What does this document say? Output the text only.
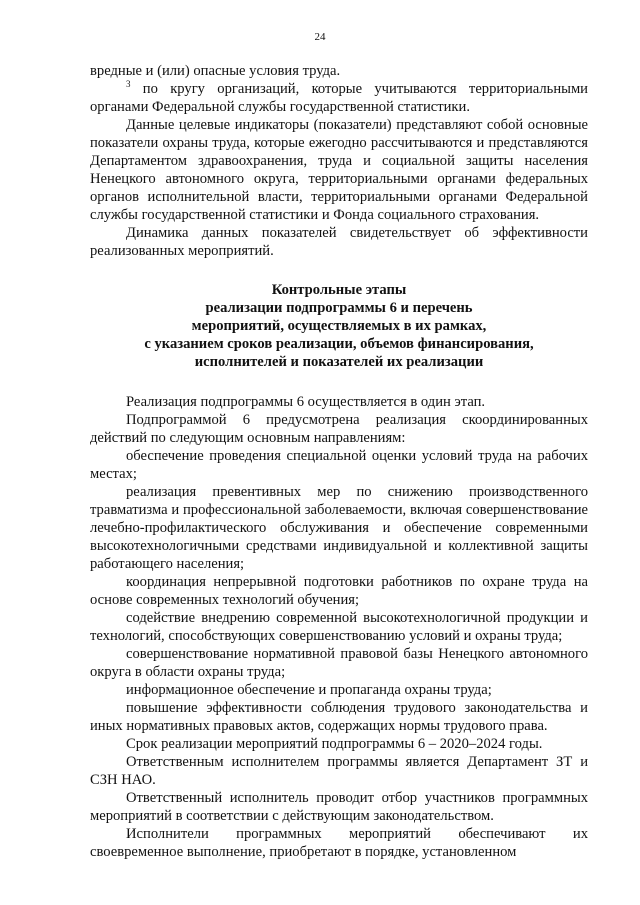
24

вредные и (или) опасные условия труда.

$^3$ по кругу организаций, которые учитываются территориальными органами Федеральной службы государственной статистики.

Данные целевые индикаторы (показатели) представляют собой основные показатели охраны труда, которые ежегодно рассчитываются и представляются Департаментом здравоохранения, труда и социальной защиты населения Ненецкого автономного округа, территориальными органами федеральных органов исполнительной власти, территориальными органами Федеральной службы государственной статистики и Фонда социального страхования.

Динамика данных показателей свидетельствует об эффективности реализованных мероприятий.

Контрольные этапы
реализации подпрограммы 6 и перечень
мероприятий, осуществляемых в их рамках,
с указанием сроков реализации, объемов финансирования,
исполнителей и показателей их реализации

Реализация подпрограммы 6 осуществляется в один этап.

Подпрограммой 6 предусмотрена реализация скоординированных действий по следующим основным направлениям:

обеспечение проведения специальной оценки условий труда на рабочих местах;

реализация превентивных мер по снижению производственного травматизма и профессиональной заболеваемости, включая совершенствование лечебно-профилактического обслуживания и обеспечение современными высокотехнологичными средствами индивидуальной и коллективной защиты работающего населения;

координация непрерывной подготовки работников по охране труда на основе современных технологий обучения;

содействие внедрению современной высокотехнологичной продукции и технологий, способствующих совершенствованию условий и охраны труда;

совершенствование нормативной правовой базы Ненецкого автономного округа в области охраны труда;

информационное обеспечение и пропаганда охраны труда;

повышение эффективности соблюдения трудового законодательства и иных нормативных правовых актов, содержащих нормы трудового права.

Срок реализации мероприятий подпрограммы 6 – 2020–2024 годы.

Ответственным исполнителем программы является Департамент ЗТ и СЗН НАО.

Ответственный исполнитель проводит отбор участников программных мероприятий в соответствии с действующим законодательством.

Исполнители программных мероприятий обеспечивают их своевременное выполнение, приобретают в порядке, установленном
